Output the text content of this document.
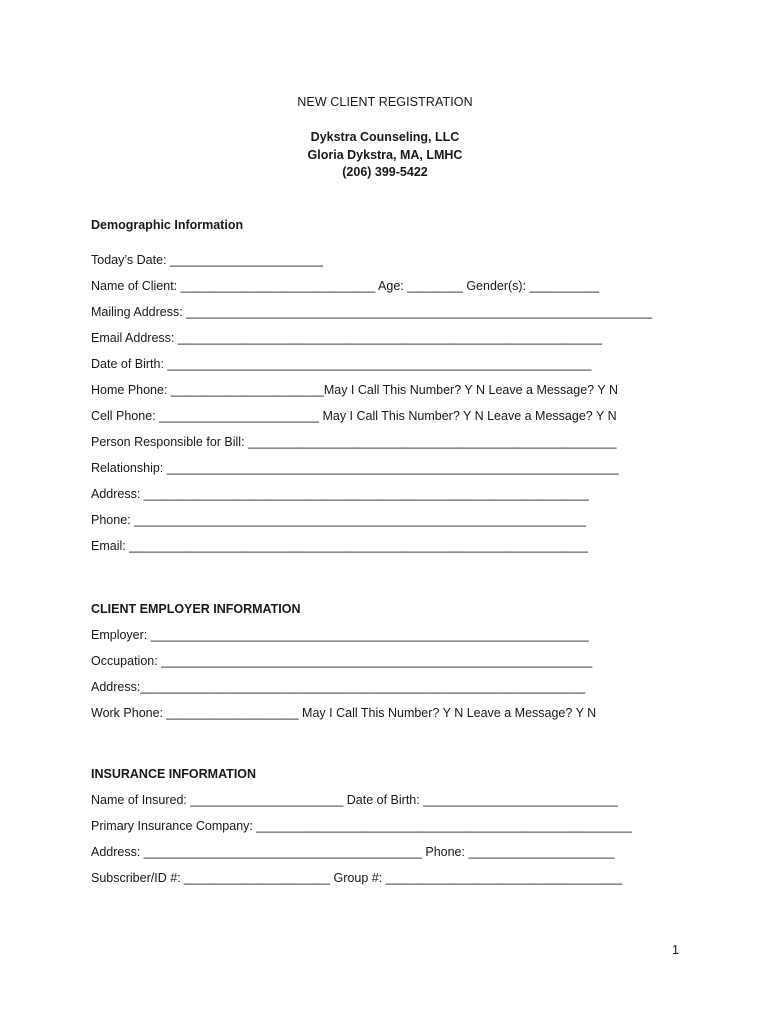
NEW CLIENT REGISTRATION
Dykstra Counseling, LLC
Gloria Dykstra, MA, LMHC
(206) 399-5422
Demographic Information
Today’s Date: ______________________
Name of Client: ____________________________ Age: ________ Gender(s): __________
Mailing Address: ___________________________________________________________________
Email Address: _____________________________________________________________
Date of Birth: _____________________________________________________________
Home Phone: ______________________May I Call This Number? Y N Leave a Message? Y N
Cell Phone: _______________________ May I Call This Number? Y N Leave a Message? Y N
Person Responsible for Bill: _____________________________________________________
Relationship: _________________________________________________________________
Address: ________________________________________________________________
Phone: _________________________________________________________________
Email: __________________________________________________________________
CLIENT EMPLOYER INFORMATION
Employer: _______________________________________________________________
Occupation: ______________________________________________________________
Address:________________________________________________________________
Work Phone: ___________________ May I Call This Number? Y N Leave a Message? Y N
INSURANCE INFORMATION
Name of Insured: ______________________ Date of Birth: ____________________________
Primary Insurance Company: ______________________________________________________
Address: ________________________________________ Phone: _____________________
Subscriber/ID #: _____________________ Group #: __________________________________
1
